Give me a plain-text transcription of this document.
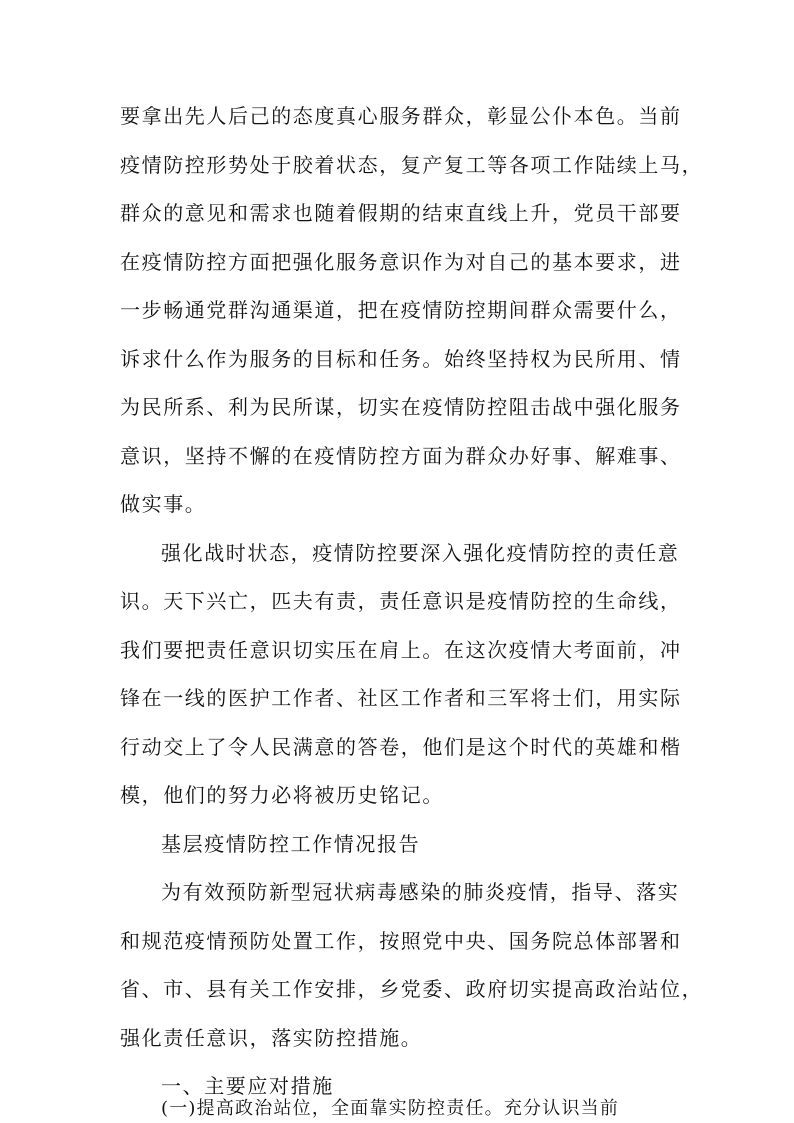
要拿出先人后己的态度真心服务群众，彰显公仆本色。当前
疫情防控形势处于胶着状态，复产复工等各项工作陆续上马，
群众的意见和需求也随着假期的结束直线上升，党员干部要
在疫情防控方面把强化服务意识作为对自己的基本要求，进
一步畅通党群沟通渠道，把在疫情防控期间群众需要什么，
诉求什么作为服务的目标和任务。始终坚持权为民所用、情
为民所系、利为民所谋，切实在疫情防控阻击战中强化服务
意识，坚持不懈的在疫情防控方面为群众办好事、解难事、
做实事。
强化战时状态，疫情防控要深入强化疫情防控的责任意
识。天下兴亡，匹夫有责，责任意识是疫情防控的生命线，
我们要把责任意识切实压在肩上。在这次疫情大考面前，冲
锋在一线的医护工作者、社区工作者和三军将士们，用实际
行动交上了令人民满意的答卷，他们是这个时代的英雄和楷
模，他们的努力必将被历史铭记。
基层疫情防控工作情况报告
为有效预防新型冠状病毒感染的肺炎疫情，指导、落实
和规范疫情预防处置工作，按照党中央、国务院总体部署和
省、市、县有关工作安排，乡党委、政府切实提高政治站位，
强化责任意识，落实防控措施。
一、主要应对措施
(一)提高政治站位，全面靠实防控责任。充分认识当前
